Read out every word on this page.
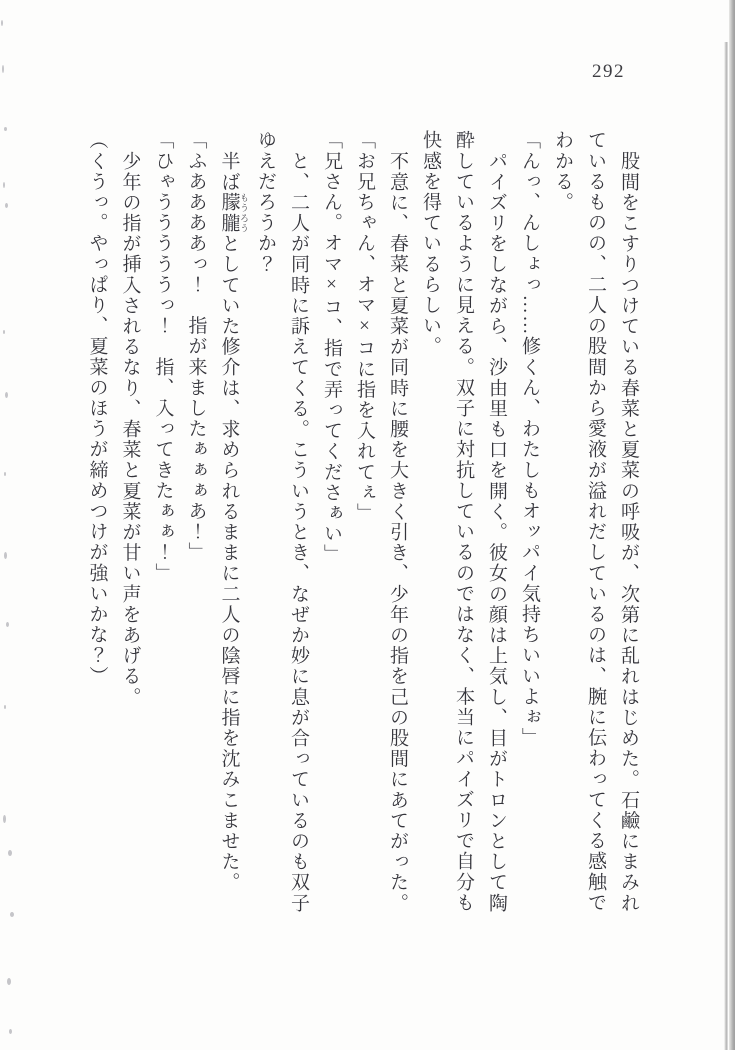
292

股間をこすりつけている春菜と夏菜の呼吸が、次第に乱れはじめた。石鹼にまみれ

ているものの、二人の股間から愛液が溢れだしているのは、腕に伝わってくる感触で

わかる。

「んっ、んしょっ……修くん、わたしもオッパイ気持ちいいよぉ」

パイズリをしながら、沙由里も口を開く。彼女の顔は上気し、目がトロンとして陶

酔しているように見える。双子に対抗しているのではなく、本当にパイズリで自分も

快感を得ているらしい。

不意に、春菜と夏菜が同時に腰を大きく引き、少年の指を己の股間にあてがった。

「お兄ちゃん、オマ×コに指を入れてぇ」

「兄さん。オマ×コ、指で弄ってくださぁい」

と、二人が同時に訴えてくる。こういうとき、なぜか妙に息が合っているのも双子

ゆえだろうか？

半ば朦朧 もうろうとしていた修介は、求められるままに二人の陰唇に指を沈みこませた。

「ふああああっ！　指が来ましたぁぁぁあ！」

「ひゃうううううっ！　指、入ってきたぁぁ！」

少年の指が挿入されるなり、春菜と夏菜が甘い声をあげる。

（くうっ。やっぱり、夏菜のほうが締めつけが強いかな？）
